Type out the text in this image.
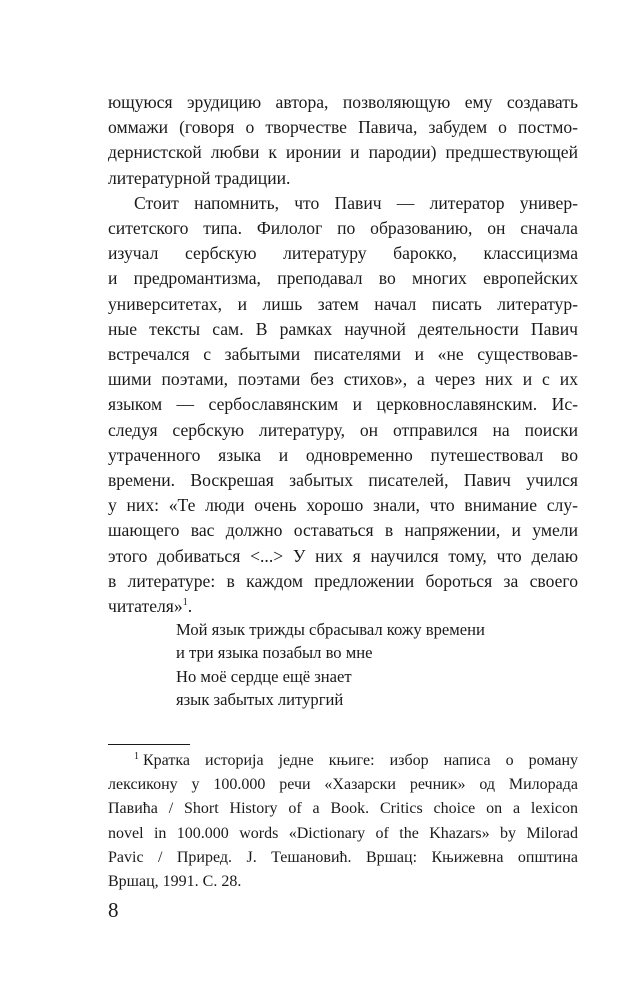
ющуюся эрудицию автора, позволяющую ему создавать
оммажи (говоря о творчестве Павича, забудем о постмо-
дернистской любви к иронии и пародии) предшествующей
литературной традиции.
Стоит напомнить, что Павич — литератор универ-
ситетского типа. Филолог по образованию, он сначала
изучал сербскую литературу барокко, классицизма
и предромантизма, преподавал во многих европейских
университетах, и лишь затем начал писать литератур-
ные тексты сам. В рамках научной деятельности Павич
встречался с забытыми писателями и «не существовав-
шими поэтами, поэтами без стихов», а через них и с их
языком — сербославянским и церковнославянским. Ис-
следуя сербскую литературу, он отправился на поиски
утраченного языка и одновременно путешествовал во
времени. Воскрешая забытых писателей, Павич учился
у них: «Те люди очень хорошо знали, что внимание слу-
шающего вас должно оставаться в напряжении, и умели
этого добиваться <...> У них я научился тому, что делаю
в литературе: в каждом предложении бороться за своего
читателя»$^1$.
Мой язык трижды сбрасывал кожу времени
и три языка позабыл во мне
Но моё сердце ещё знает
язык забытых литургий
$^1$ Кратка историја једне књиге: избор написа о роману
лексикону у 100.000 речи «Хазарски речник» од Милорада
Павића / Short History of a Book. Critics choice on a lexicon
novel in 100.000 words «Dictionary of the Khazars» by Milorad
Pavic / Приред. Ј. Тешановић. Вршац: Књижевна општина
Вршац, 1991. С. 28.
8
